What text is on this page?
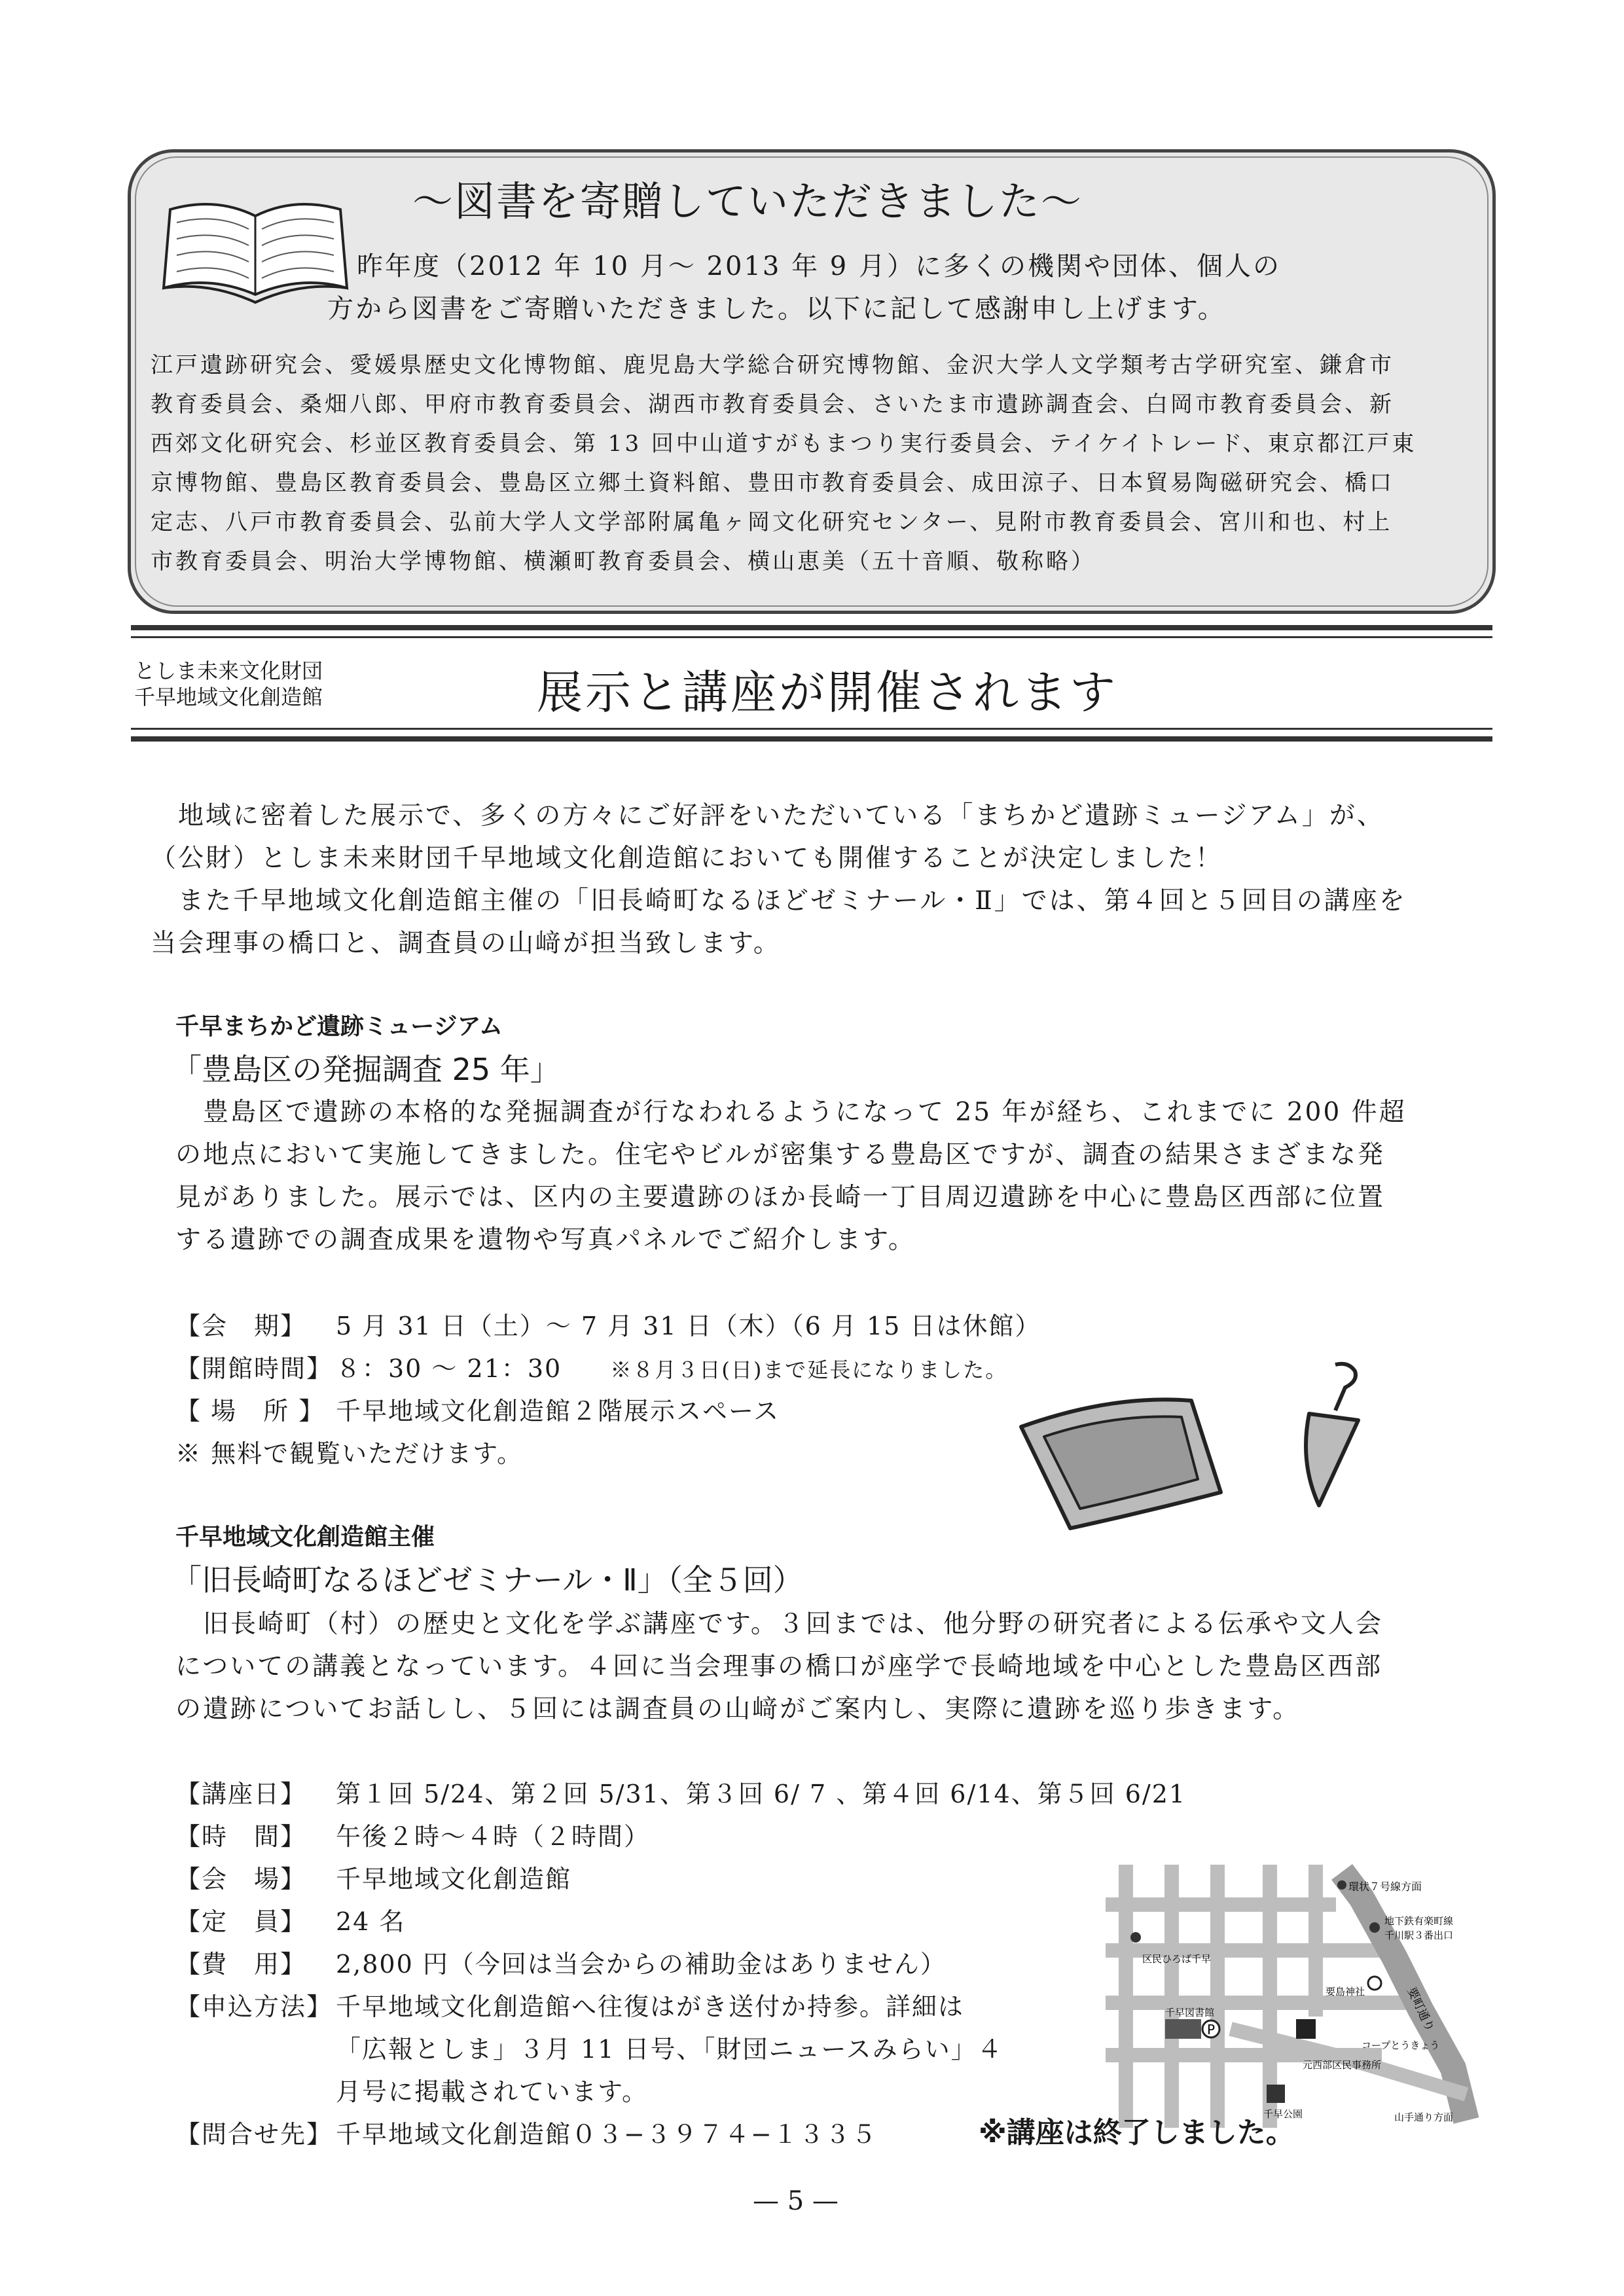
〜図書を寄贈していただきました〜
昨年度（2012 年 10 月〜 2013 年 9 月）に多くの機関や団体、個人の
方から図書をご寄贈いただきました。以下に記して感謝申し上げます。
江戸遺跡研究会、愛媛県歴史文化博物館、鹿児島大学総合研究博物館、金沢大学人文学類考古学研究室、鎌倉市
教育委員会、桑畑八郎、甲府市教育委員会、湖西市教育委員会、さいたま市遺跡調査会、白岡市教育委員会、新
西郊文化研究会、杉並区教育委員会、第 13 回中山道すがもまつり実行委員会、テイケイトレード、東京都江戸東
京博物館、豊島区教育委員会、豊島区立郷土資料館、豊田市教育委員会、成田涼子、日本貿易陶磁研究会、橋口
定志、八戸市教育委員会、弘前大学人文学部附属亀ヶ岡文化研究センター、見附市教育委員会、宮川和也、村上
市教育委員会、明治大学博物館、横瀬町教育委員会、横山恵美（五十音順、敬称略）
としま未来文化財団
千早地域文化創造館	展示と講座が開催されます
　地域に密着した展示で、多くの方々にご好評をいただいている「まちかど遺跡ミュージアム」が、
（公財）としま未来財団千早地域文化創造館においても開催することが決定しました！
　また千早地域文化創造館主催の「旧長崎町なるほどゼミナール・Ⅱ」では、第４回と５回目の講座を
当会理事の橋口と、調査員の山﨑が担当致します。
千早まちかど遺跡ミュージアム
「豊島区の発掘調査 25 年」
　豊島区で遺跡の本格的な発掘調査が行なわれるようになって 25 年が経ち、これまでに 200 件超
の地点において実施してきました。住宅やビルが密集する豊島区ですが、調査の結果さまざまな発
見がありました。展示では、区内の主要遺跡のほか長崎一丁目周辺遺跡を中心に豊島区西部に位置
する遺跡での調査成果を遺物や写真パネルでご紹介します。
【会　期】 5 月 31 日（土）〜 7 月 31 日（木）（6 月 15 日は休館）
【開館時間】 ８：30 〜 21：30 ※８月３日(日)まで延長になりました。
【 場　所 】 千早地域文化創造館２階展示スペース
※ 無料で観覧いただけます。
千早地域文化創造館主催
「旧長崎町なるほどゼミナール・Ⅱ」（全５回）
　旧長崎町（村）の歴史と文化を学ぶ講座です。３回までは、他分野の研究者による伝承や文人会
についての講義となっています。４回に当会理事の橋口が座学で長崎地域を中心とした豊島区西部
の遺跡についてお話しし、５回には調査員の山﨑がご案内し、実際に遺跡を巡り歩きます。
【講座日】 第１回 5/24、第２回 5/31、第３回 6/ 7 、第４回 6/14、第５回 6/21
【時　間】 午後２時〜４時（２時間）
【会　場】 千早地域文化創造館
【定　員】 24 名
【費　用】 2,800 円（今回は当会からの補助金はありません）
【申込方法】 千早地域文化創造館へ往復はがき送付か持参。詳細は
「広報としま」３月 11 日号、「財団ニュースみらい」４
月号に掲載されています。
【問合せ先】 千早地域文化創造館０３−３９７４−１３３５
P
環状７号線方面
地下鉄有楽町線
千川駅３番出口
区民ひろば千早
千早図書館
要島神社	要町通り
コープとうきょう
元西部区民事務所
千早公園	山手通り方面
※講座は終了しました。
— 5 —
